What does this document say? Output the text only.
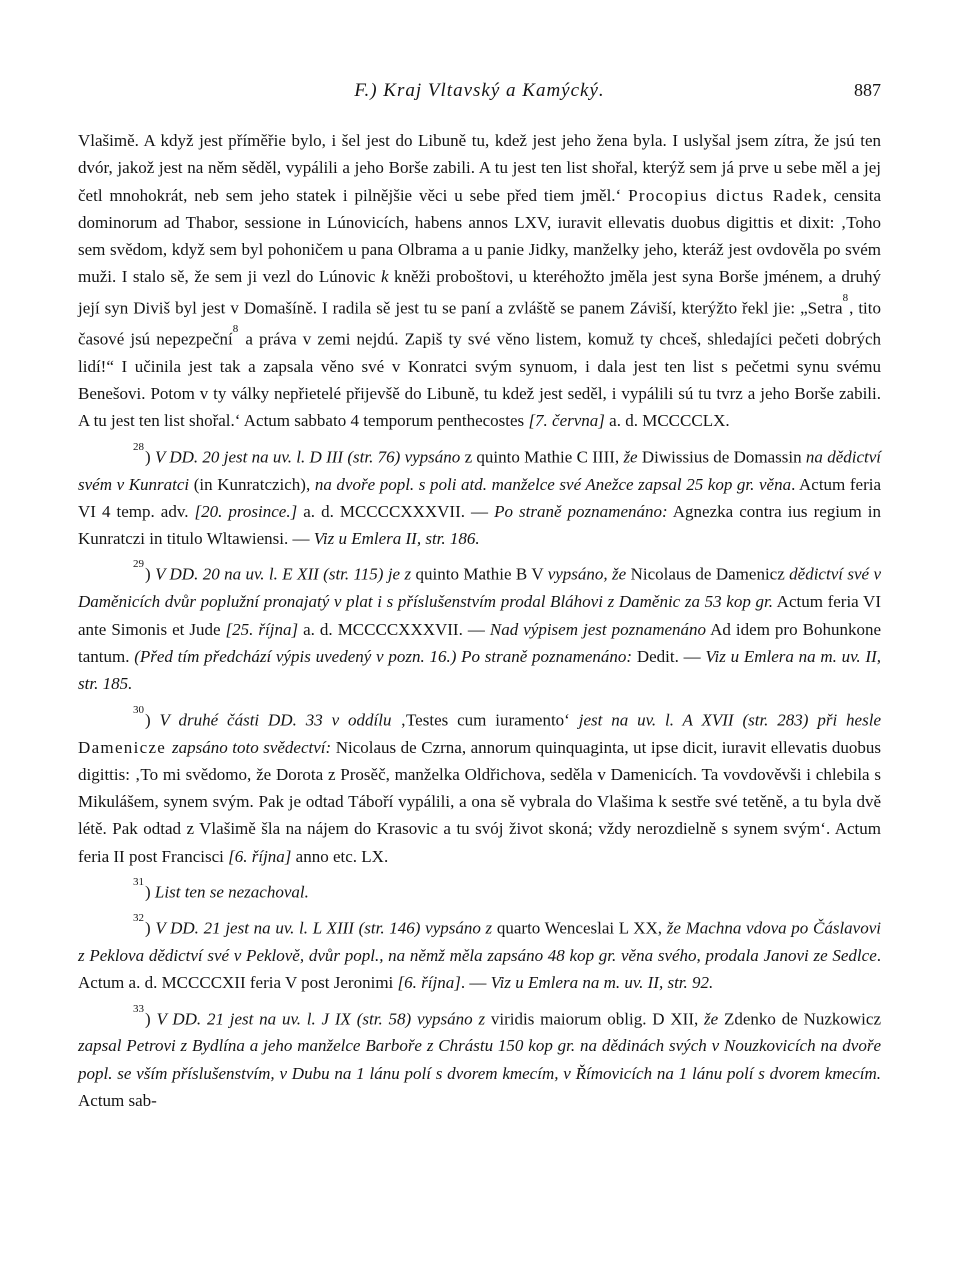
F.) Kraj Vltavský a Kamýcký.	887

Vlašimě. A když jest příměřie bylo, i šel jest do Libuně tu, kdež jest jeho žena byla. I uslyšal jsem zítra, že jsú ten dvór, jakož jest na něm sěděl, vypálili a jeho Borše zabili. A tu jest ten list shořal, kterýž sem já prve u sebe měl a jej četl mnohokrát, neb sem jeho statek i pilnějšie věci u sebe před tiem jměl.‘ Procopius dictus Radek, censita dominorum ad Thabor, sessione in Lúnovicích, habens annos LXV, iuravit ellevatis duobus digittis et dixit: ‚Toho sem svědom, když sem byl pohoničem u pana Olbrama a u panie Jidky, manželky jeho, kteráž jest ovdověla po svém muži. I stalo sě, že sem ji vezl do Lúnovic k kněži proboštovi, u kteréhožto jměla jest syna Borše jménem, a druhý její syn Diviš byl jest v Domašíně. I radila sě jest tu se paní a zvláště se panem Záviší, kterýžto řekl jie: „Setra$^8$, tito časové jsú nepezpeční$^8$ a práva v zemi nejdú. Zapiš ty své věno listem, komuž ty chceš, shledajíci pečeti dobrých lidí!“ I učinila jest tak a zapsala věno své v Konratci svým synuom, i dala jest ten list s pečetmi synu svému Benešovi. Potom v ty války nepřietelé přijevšě do Libuně, tu kdež jest seděl, i vypálili sú tu tvrz a jeho Borše zabili. A tu jest ten list shořal.‘ Actum sabbato 4 temporum penthecostes [7. června] a. d. MCCCCLX.

$^{28}$) V DD. 20 jest na uv. l. D III (str. 76) vypsáno z quinto Mathie C IIII, že Diwissius de Domassin na dědictví svém v Kunratci (in Kunratczich), na dvoře popl. s poli atd. manželce své Anežce zapsal 25 kop gr. věna. Actum feria VI 4 temp. adv. [20. prosince.] a. d. MCCCCXXXVII. — Po straně poznamenáno: Agnezka contra ius regium in Kunratczi in titulo Wltawiensi. — Viz u Emlera II, str. 186.

$^{29}$) V DD. 20 na uv. l. E XII (str. 115) je z quinto Mathie B V vypsáno, že Nicolaus de Damenicz dědictví své v Daměnicích dvůr poplužní pronajatý v plat i s příslušenstvím prodal Bláhovi z Daměnic za 53 kop gr. Actum feria VI ante Simonis et Jude [25. října] a. d. MCCCCXXXVII. — Nad výpisem jest poznamenáno Ad idem pro Bohunkone tantum. (Před tím předchází výpis uvedený v pozn. 16.) Po straně poznamenáno: Dedit. — Viz u Emlera na m. uv. II, str. 185.

$^{30}$) V druhé části DD. 33 v oddílu ‚Testes cum iuramento‘ jest na uv. l. A XVII (str. 283) při hesle Damenicze zapsáno toto svědectví: Nicolaus de Czrna, annorum quinquaginta, ut ipse dicit, iuravit ellevatis duobus digittis: ‚To mi svědomo, že Dorota z Prosěč, manželka Oldřichova, seděla v Damenicích. Ta vovdověvši i chlebila s Mikulášem, synem svým. Pak je odtad Táboří vypálili, a ona sě vybrala do Vlašima k sestře své tetěně, a tu byla dvě létě. Pak odtad z Vlašimě šla na nájem do Krasovic a tu svój život skoná; vždy nerozdielně s synem svým‘. Actum feria II post Francisci [6. října] anno etc. LX.

$^{31}$) List ten se nezachoval.

$^{32}$) V DD. 21 jest na uv. l. L XIII (str. 146) vypsáno z quarto Wenceslai L XX, že Machna vdova po Čáslavovi z Peklova dědictví své v Peklově, dvůr popl., na němž měla zapsáno 48 kop gr. věna svého, prodala Janovi ze Sedlce. Actum a. d. MCCCCXII feria V post Jeronimi [6. října]. — Viz u Emlera na m. uv. II, str. 92.

$^{33}$) V DD. 21 jest na uv. l. J IX (str. 58) vypsáno z viridis maiorum oblig. D XII, že Zdenko de Nuzkowicz zapsal Petrovi z Bydlína a jeho manželce Barboře z Chrástu 150 kop gr. na dědinách svých v Nouzkovicích na dvoře popl. se vším příslušenstvím, v Dubu na 1 lánu polí s dvorem kmecím, v Římovicích na 1 lánu polí s dvorem kmecím. Actum sab-
